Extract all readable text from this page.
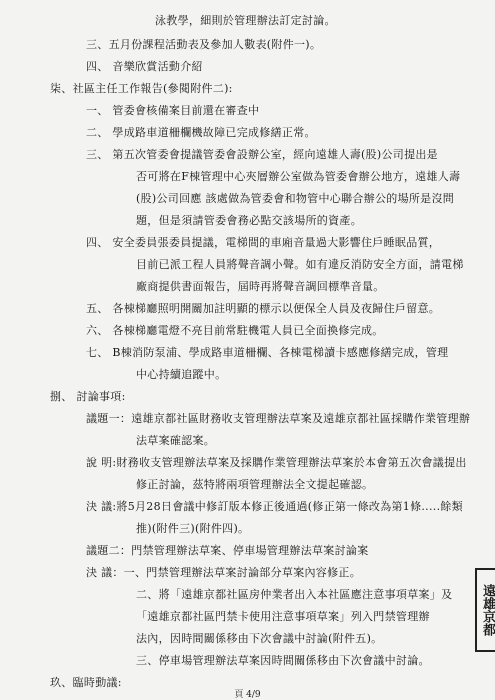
泳教學，細則於管理辦法訂定討論。
三、五月份課程活動表及參加人數表(附件一)。
四、 音樂欣賞活動介紹
柒、社區主任工作報告(參閱附件二):
一、 管委會核備案目前還在審查中
二、 學成路車道柵欄機故障已完成修繕正常。
三、 第五次管委會提議管委會設辦公室，經向遠雄人壽(股)公司提出是
否可將在F棟管理中心夾層辦公室做為管委會辦公地方，遠雄人壽
(股)公司回應 該處做為管委會和物管中心聯合辦公的場所是沒問
題，但是須請管委會務必點交該場所的資產。
四、 安全委員張委員提議，電梯間的車廂音量過大影響住戶睡眠品質，
目前已派工程人員將聲音調小聲。如有違反消防安全方面，請電梯
廠商提供書面報告，屆時再將聲音調回標準音量。
五、 各棟梯廳照明開關加註明顯的標示以便保全人員及夜歸住戶留意。
六、 各棟梯廳電燈不亮目前常駐機電人員已全面換修完成。
七、 B棟消防泵浦、學成路車道柵欄、各棟電梯讀卡感應修繕完成，管理
中心持續追蹤中。
捌、 討論事項:
議題一：遠雄京都社區財務收支管理辦法草案及遠雄京都社區採購作業管理辦
法草案確認案。
說 明:財務收支管理辦法草案及採購作業管理辦法草案於本會第五次會議提出
修正討論，茲特將兩項管理辦法全文提起確認。
決 議:將5月28日會議中修訂版本修正後通過(修正第一條改為第1條.....餘類
推)(附件三)(附件四)。
議題二：門禁管理辦法草案、停車場管理辦法草案討論案
決 議：一、門禁管理辦法草案討論部分草案內容修正。
二、將「遠雄京都社區房仲業者出入本社區應注意事項草案」及
「遠雄京都社區門禁卡使用注意事項草案」列入門禁管理辦
法內，因時間關係移由下次會議中討論(附件五)。
三、停車場管理辦法草案因時間關係移由下次會議中討論。
玖、臨時動議:
頁 4/9
遠雄京都
